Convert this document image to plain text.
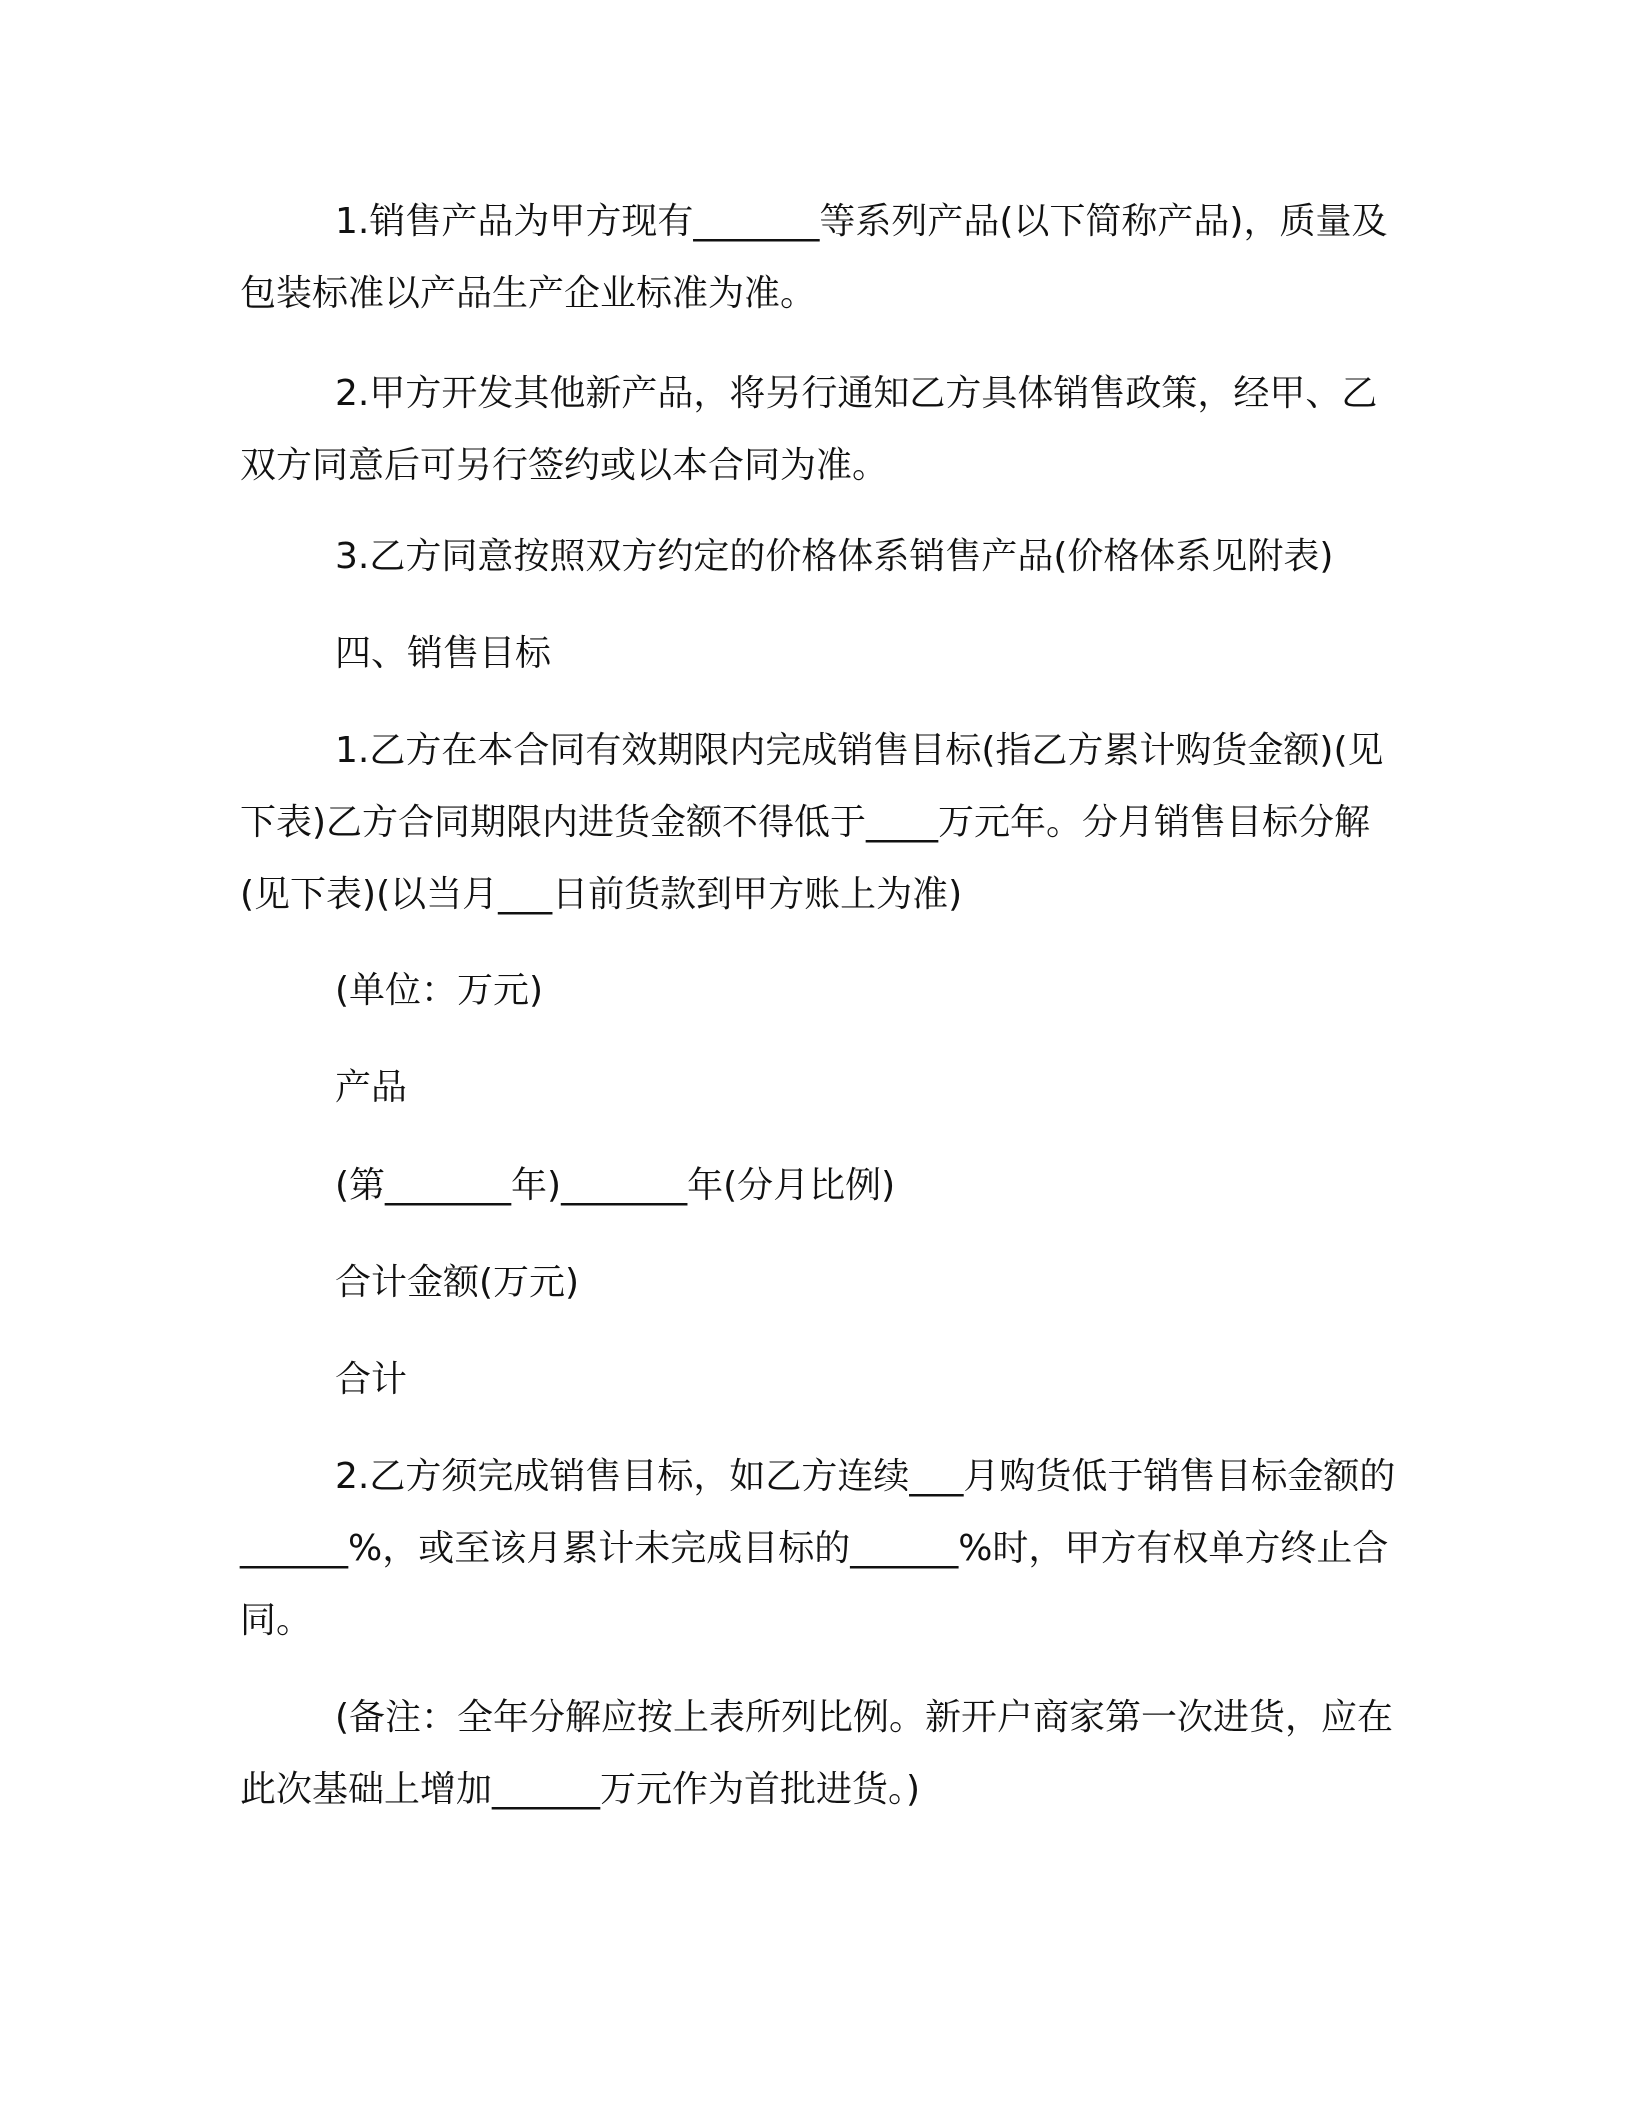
1.销售产品为甲方现有_______等系列产品(以下简称产品)，质量及包装标准以产品生产企业标准为准。

2.甲方开发其他新产品，将另行通知乙方具体销售政策，经甲、乙双方同意后可另行签约或以本合同为准。

3.乙方同意按照双方约定的价格体系销售产品(价格体系见附表)

四、销售目标

1.乙方在本合同有效期限内完成销售目标(指乙方累计购货金额)(见下表)乙方合同期限内进货金额不得低于____万元年。分月销售目标分解(见下表)(以当月___日前货款到甲方账上为准)

(单位：万元)

产品

(第_______年)_______年(分月比例)

合计金额(万元)

合计

2.乙方须完成销售目标，如乙方连续___月购货低于销售目标金额的______%，或至该月累计未完成目标的______%时，甲方有权单方终止合同。

(备注：全年分解应按上表所列比例。新开户商家第一次进货，应在此次基础上增加______万元作为首批进货。)
